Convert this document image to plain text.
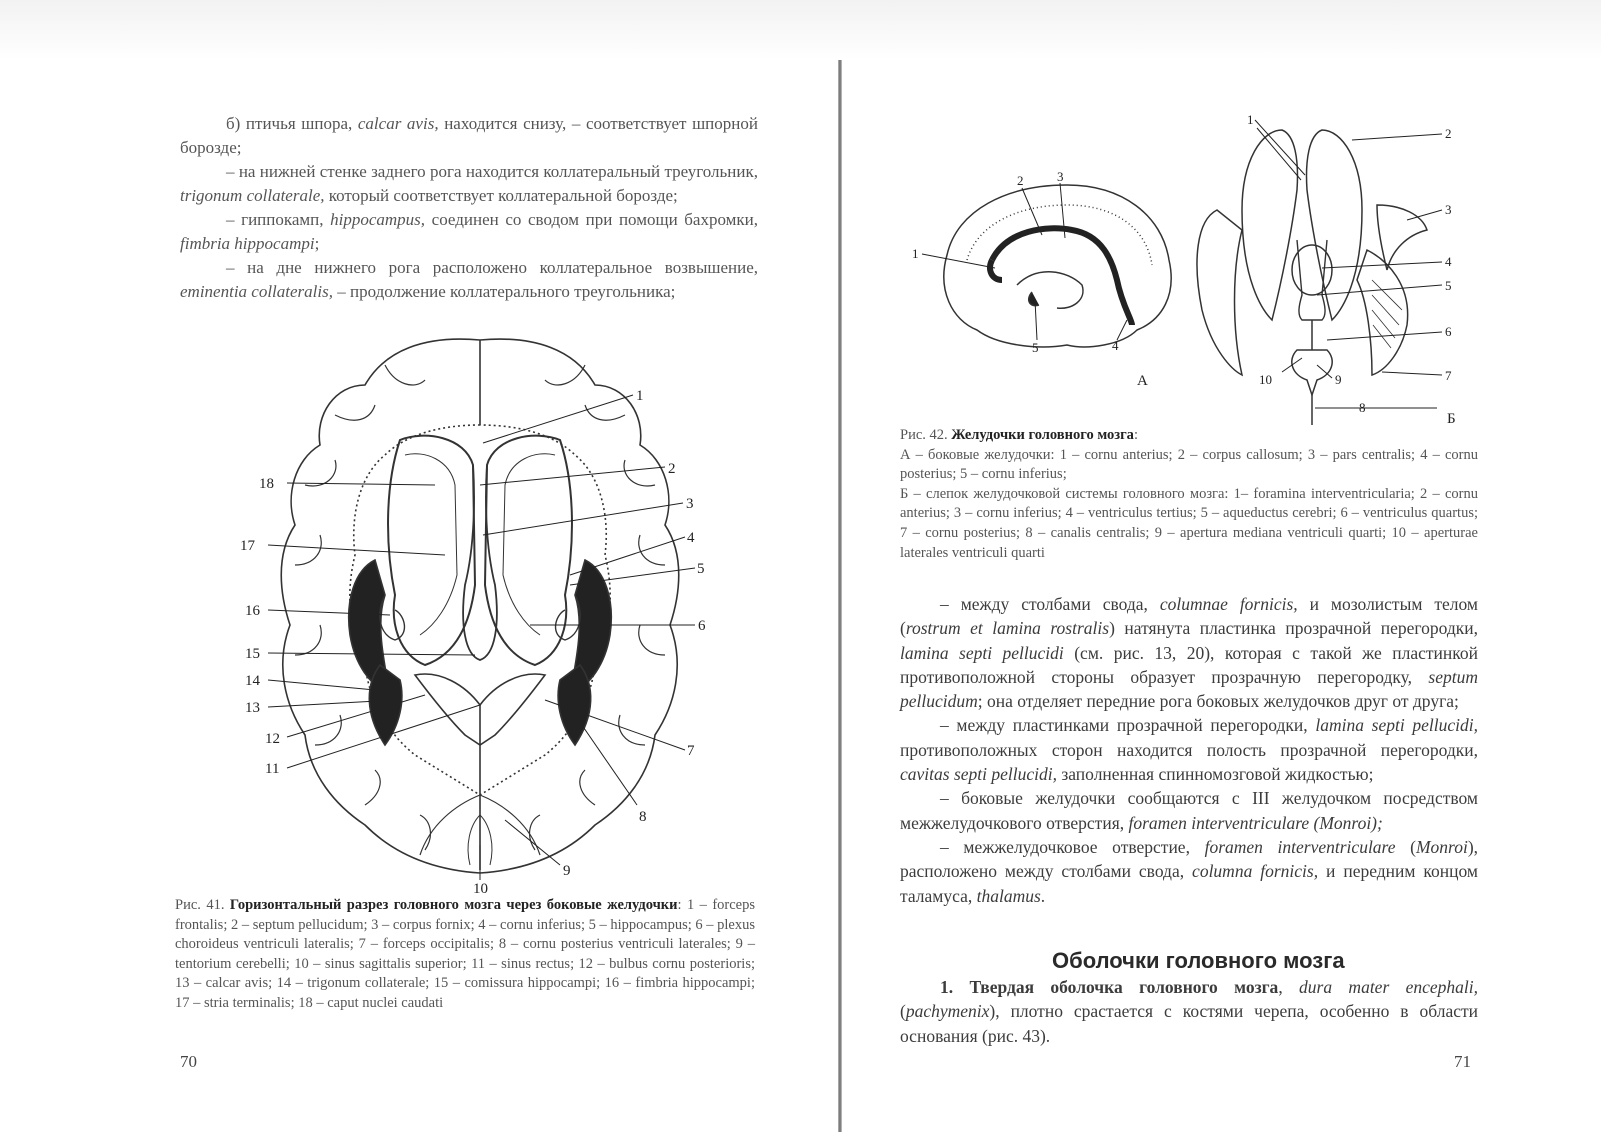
б) птичья шпора, calcar avis, находится снизу, – соответствует шпорной борозде;

– на нижней стенке заднего рога находится коллатеральный треугольник, trigonum collaterale, который соответствует коллатеральной борозде;

– гиппокамп, hippocampus, соединен со сводом при помощи бахромки, fimbria hippocampi;

– на дне нижнего рога расположено коллатеральное возвышение, eminentia collateralis, – продолжение коллатерального треугольника;

1
2
3
4
5
6
7
8
9
10
11
12
13
14
15
16
17
18
Рис. 41. Горизонтальный разрез головного мозга через боковые желудочки: 1 – forceps frontalis; 2 – septum pellucidum; 3 – corpus fornix; 4 – cornu inferius; 5 – hippocampus; 6 – plexus choroideus ventriculi lateralis; 7 – forceps occipitalis; 8 – cornu posterius ventriculi laterales; 9 – tentorium cerebelli; 10 – sinus sagittalis superior; 11 – sinus rectus; 12 – bulbus cornu posterioris; 13 – calcar avis; 14 – trigonum collaterale; 15 – comissura hippocampi; 16 – fimbria hippocampi; 17 – stria terminalis; 18 – caput nuclei caudati
70
1
2	3
4
5
А
1
2
3
4
5
6
7
8
9
10
Б
Рис. 42. Желудочки головного мозга:
А – боковые желудочки: 1 – cornu anterius; 2 – corpus callosum; 3 – pars centralis; 4 – cornu posterius; 5 – cornu inferius;
Б – слепок желудочковой системы головного мозга: 1– foramina interventricularia; 2 – cornu anterius; 3 – cornu inferius; 4 – ventriculus tertius; 5 – aqueductus cerebri; 6 – ventriculus quartus; 7 – cornu posterius; 8 – canalis centralis; 9 – apertura mediana ventriculi quarti; 10 – aperturae laterales ventriculi quarti

– между столбами свода, columnae fornicis, и мозолистым телом (rostrum et lamina rostralis) натянута пластинка прозрачной перегородки, lamina septi pellucidi (см. рис. 13, 20), которая с такой же пластинкой противоположной стороны образует прозрачную перегородку, septum pellucidum; она отделяет передние рога боковых желудочков друг от друга;

– между пластинками прозрачной перегородки, lamina septi pellucidi, противоположных сторон находится полость прозрачной перегородки, cavitas septi pellucidi, заполненная спинномозговой жидкостью;

– боковые желудочки сообщаются с III желудочком посредством межжелудочкового отверстия, foramen interventriculare (Monroi);

– межжелудочковое отверстие, foramen interventriculare (Monroi), расположено между столбами свода, columna fornicis, и передним концом таламуса, thalamus.

Оболочки головного мозга

1. Твердая оболочка головного мозга, dura mater encephali, (pachymenix), плотно срастается с костями черепа, особенно в области основания (рис. 43).

71
